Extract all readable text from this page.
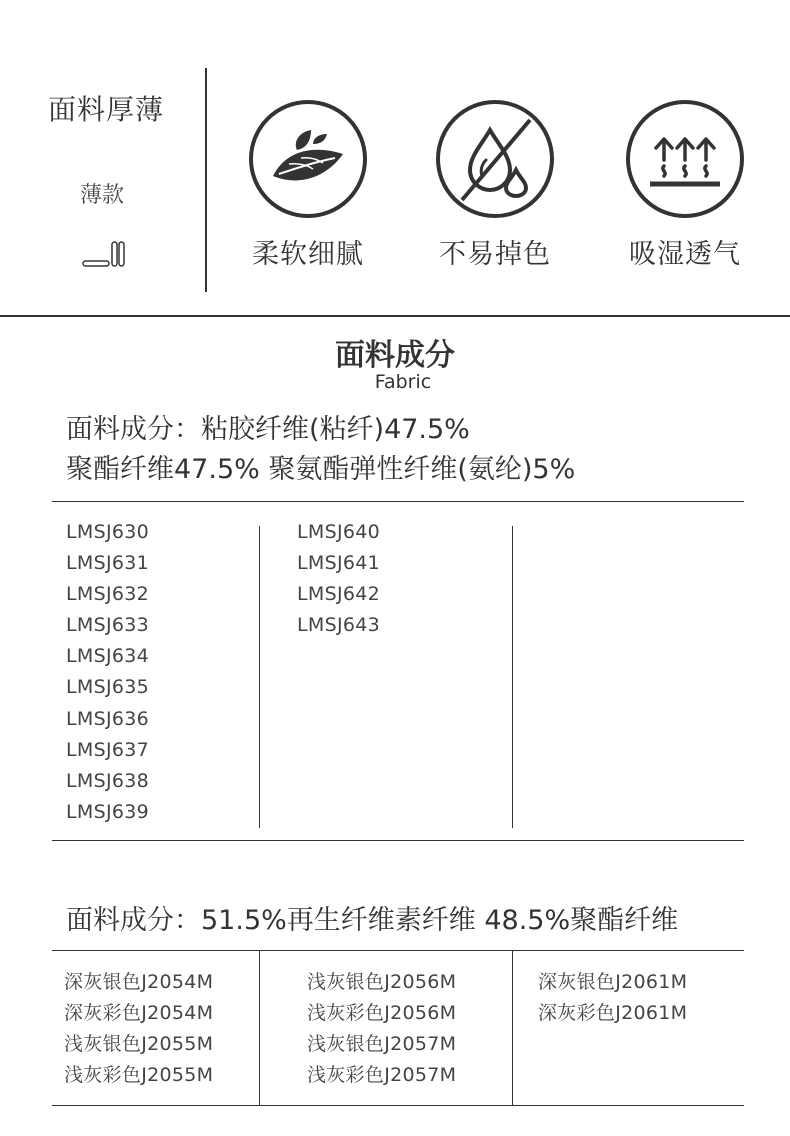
面料厚薄
薄款
柔软细腻	不易掉色	吸湿透气
面料成分
Fabric
面料成分：粘胶纤维(粘纤)47.5%
聚酯纤维47.5% 聚氨酯弹性纤维(氨纶)5%
LMSJ630
LMSJ631
LMSJ632
LMSJ633
LMSJ634
LMSJ635
LMSJ636
LMSJ637
LMSJ638
LMSJ639
LMSJ640
LMSJ641
LMSJ642
LMSJ643
面料成分：51.5%再生纤维素纤维 48.5%聚酯纤维
深灰银色J2054M
深灰彩色J2054M
浅灰银色J2055M
浅灰彩色J2055M
浅灰银色J2056M
浅灰彩色J2056M
浅灰银色J2057M
浅灰彩色J2057M
深灰银色J2061M
深灰彩色J2061M
